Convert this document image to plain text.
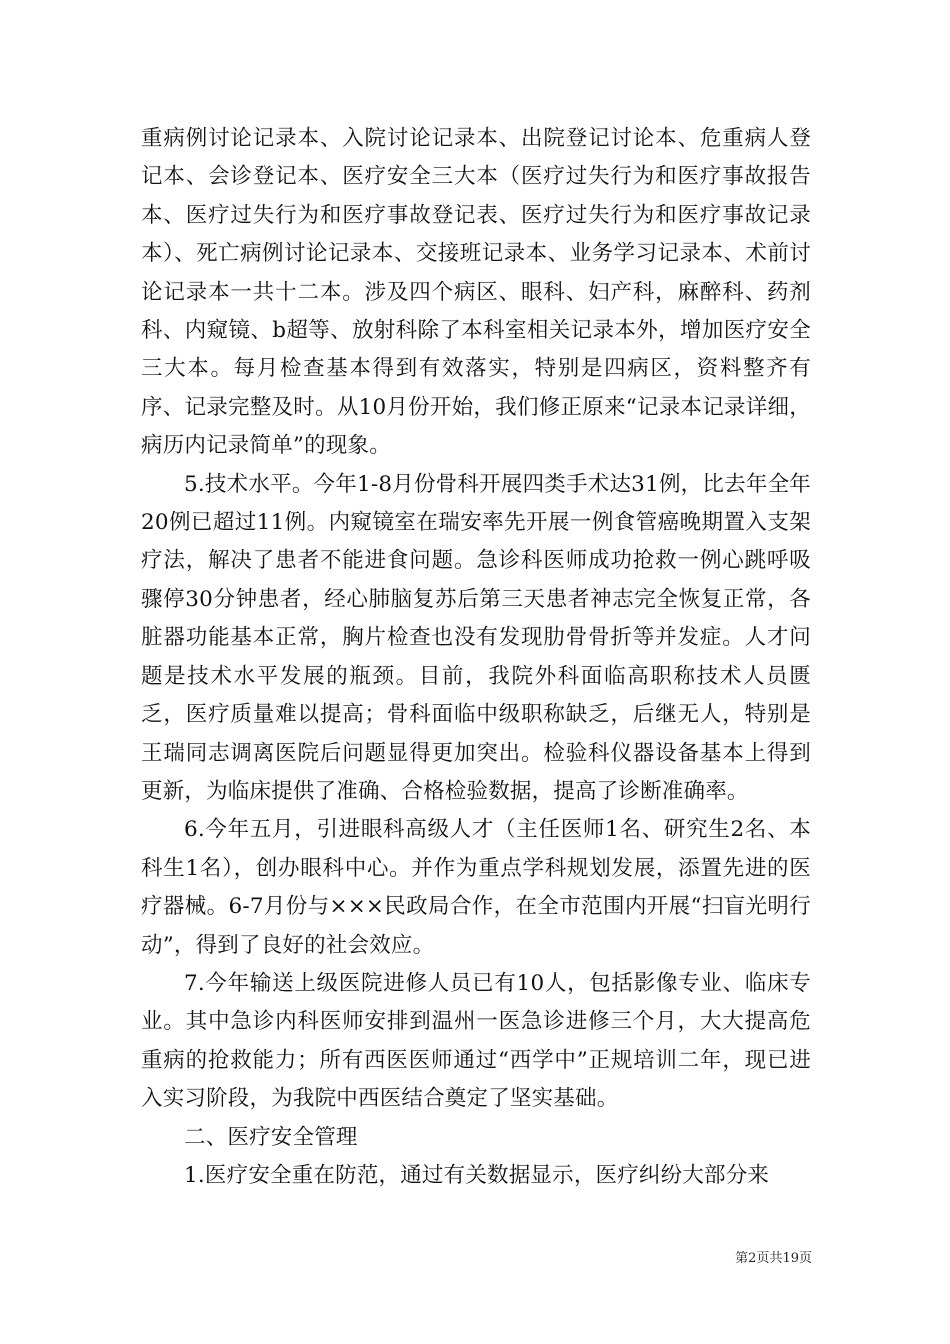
重病例讨论记录本、入院讨论记录本、出院登记讨论本、危重病人登记本、会诊登记本、医疗安全三大本（医疗过失行为和医疗事故报告本、医疗过失行为和医疗事故登记表、医疗过失行为和医疗事故记录本）、死亡病例讨论记录本、交接班记录本、业务学习记录本、术前讨论记录本一共十二本。涉及四个病区、眼科、妇产科，麻醉科、药剂科、内窥镜、b超等、放射科除了本科室相关记录本外，增加医疗安全三大本。每月检查基本得到有效落实，特别是四病区，资料整齐有序、记录完整及时。从10月份开始，我们修正原来“记录本记录详细，病历内记录简单”的现象。

5.技术水平。今年1-8月份骨科开展四类手术达31例，比去年全年20例已超过11例。内窥镜室在瑞安率先开展一例食管癌晚期置入支架疗法，解决了患者不能进食问题。急诊科医师成功抢救一例心跳呼吸骤停30分钟患者，经心肺脑复苏后第三天患者神志完全恢复正常，各脏器功能基本正常，胸片检查也没有发现肋骨骨折等并发症。人才问题是技术水平发展的瓶颈。目前，我院外科面临高职称技术人员匮乏，医疗质量难以提高；骨科面临中级职称缺乏，后继无人，特别是王瑞同志调离医院后问题显得更加突出。检验科仪器设备基本上得到更新，为临床提供了准确、合格检验数据，提高了诊断准确率。

6.今年五月，引进眼科高级人才（主任医师1名、研究生2名、本科生1名），创办眼科中心。并作为重点学科规划发展，添置先进的医疗器械。6-7月份与×××民政局合作，在全市范围内开展“扫盲光明行动”，得到了良好的社会效应。

7.今年输送上级医院进修人员已有10人，包括影像专业、临床专业。其中急诊内科医师安排到温州一医急诊进修三个月，大大提高危重病的抢救能力；所有西医医师通过“西学中”正规培训二年，现已进入实习阶段，为我院中西医结合奠定了坚实基础。

二、医疗安全管理

1.医疗安全重在防范，通过有关数据显示，医疗纠纷大部分来

第2页共19页
